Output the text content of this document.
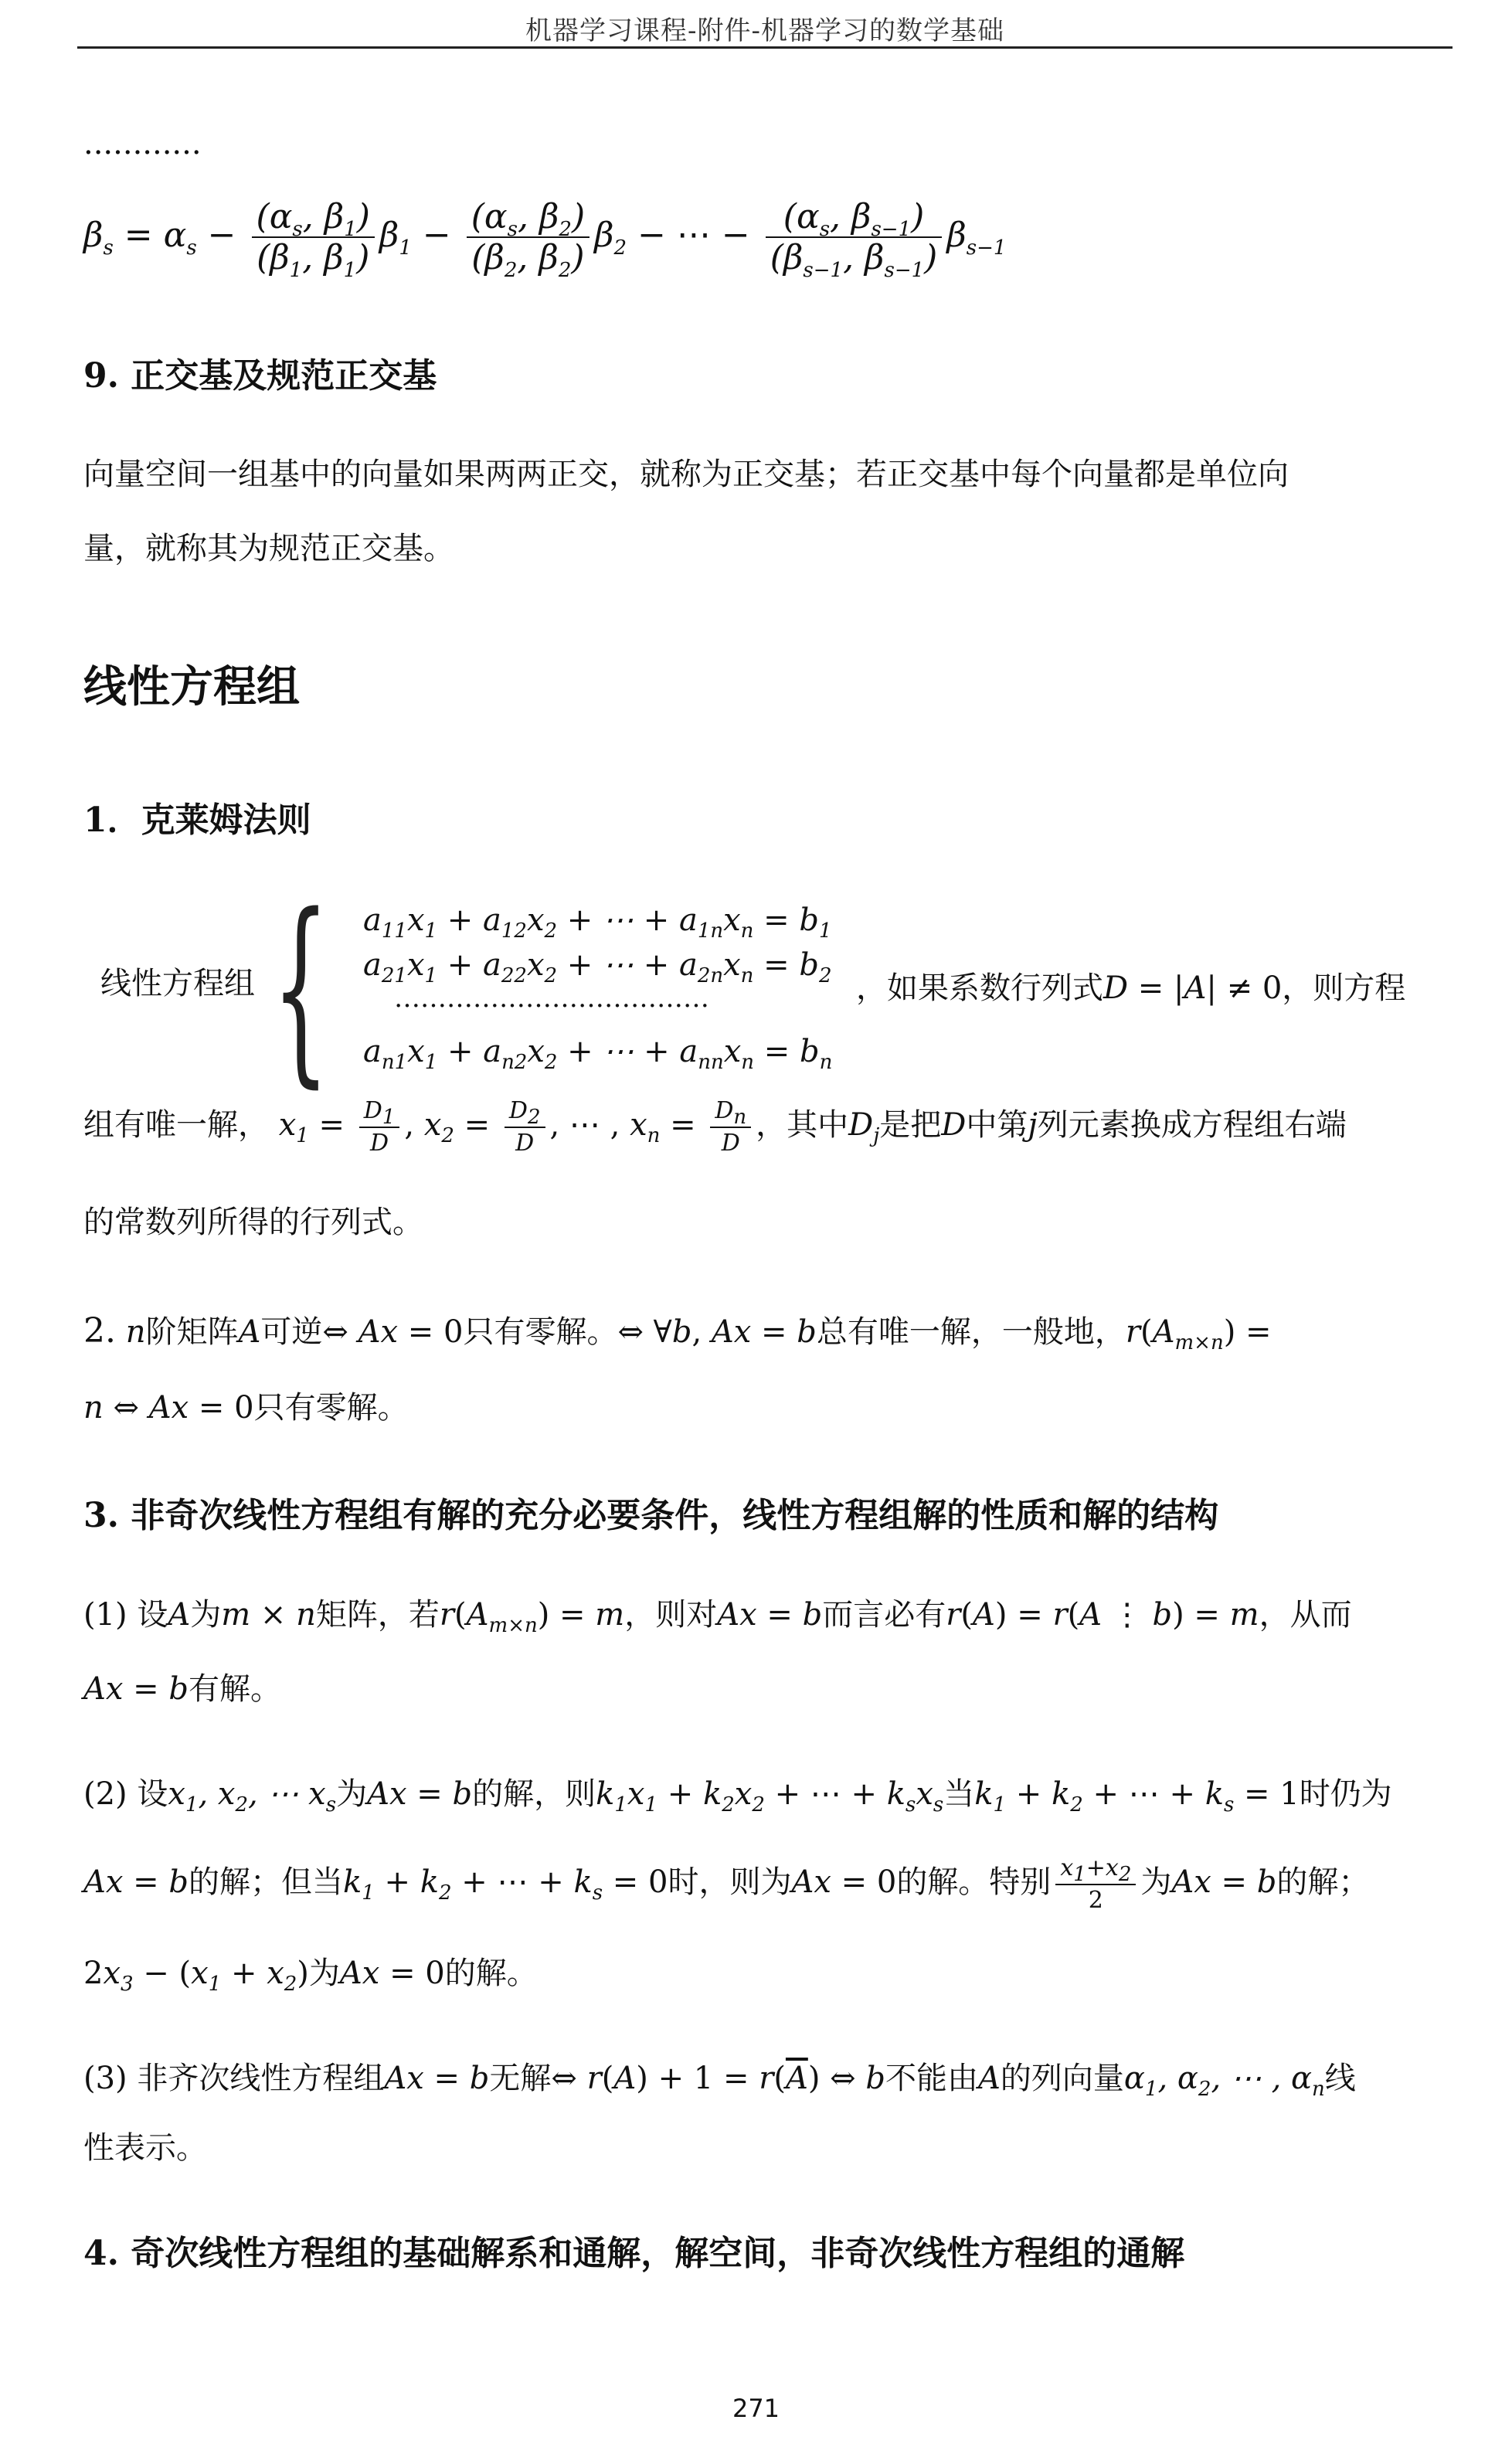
机器学习课程-附件-机器学习的数学基础
............
$\beta_s = \alpha_s - \frac{(\alpha_s, \beta_1)}{(\beta_1, \beta_1)} \beta_1 - \frac{(\alpha_s, \beta_2)}{(\beta_2, \beta_2)} \beta_2$ − ⋯ − $\frac{(\alpha_s, \beta_{s-1})}{(\beta_{s-1}, \beta_{s-1})} \beta_{s-1}$
9. 正交基及规范正交基
向量空间一组基中的向量如果两两正交，就称为正交基；若正交基中每个向量都是单位向
量，就称其为规范正交基。
线性方程组
1．克莱姆法则
线性方程组 { $a_{11}x_1 + a_{12}x_2$ + ⋯ + $a_{1n}x_n = b_1$
$a_{21}x_1 + a_{22}x_2$ + ⋯ + $a_{2n}x_n = b_2$
………………………………
$a_{n1}x_1 + a_{n2}x_2$ + ⋯ + $a_{nn}x_n = b_n$
，如果系数行列式D = |A| ≠ 0，则方程
组有唯一解， $x_1 = \frac{D_1}{D}$ , $x_2 = \frac{D_2}{D}$ , ⋯ , $x_n = \frac{D_n}{D}$ ，其中$D_j$是把D中第j列元素换成方程组右端
的常数列所得的行列式。
2. n阶矩阵A可逆⇔ Ax = 0只有零解。⇔ ∀b, Ax = b总有唯一解，一般地，$r(A_{m\times n})$ =
n ⇔ Ax = 0只有零解。
3. 非奇次线性方程组有解的充分必要条件，线性方程组解的性质和解的结构
(1) 设A为m × n矩阵，若$r(A_{m\times n}) = m$，则对Ax = b而言必有r(A) = r(A ⋮ b) = m，从而
Ax = b有解。
(2) 设$x_1$, $x_2$, ⋯ $x_s$为Ax = b的解，则$k_1x_1 + k_2x_2$ + ⋯ + $k_sx_s$当$k_1 + k_2$ + ⋯ + $k_s = 1$时仍为
Ax = b的解；但当$k_1 + k_2$ + ⋯ + $k_s = 0$时，则为Ax = 0的解。特别 $\frac{x_1+x_2}{2}$ 为Ax = b的解；
$2x_3 - (x_1 + x_2)$为Ax = 0的解。
(3) 非齐次线性方程组Ax = b无解⇔ $r(A) + 1 = r(\overline{A})$ ⇔ b不能由A的列向量$\alpha_1$, $\alpha_2$, ⋯ , $\alpha_n$线
性表示。
4. 奇次线性方程组的基础解系和通解，解空间，非奇次线性方程组的通解
271
